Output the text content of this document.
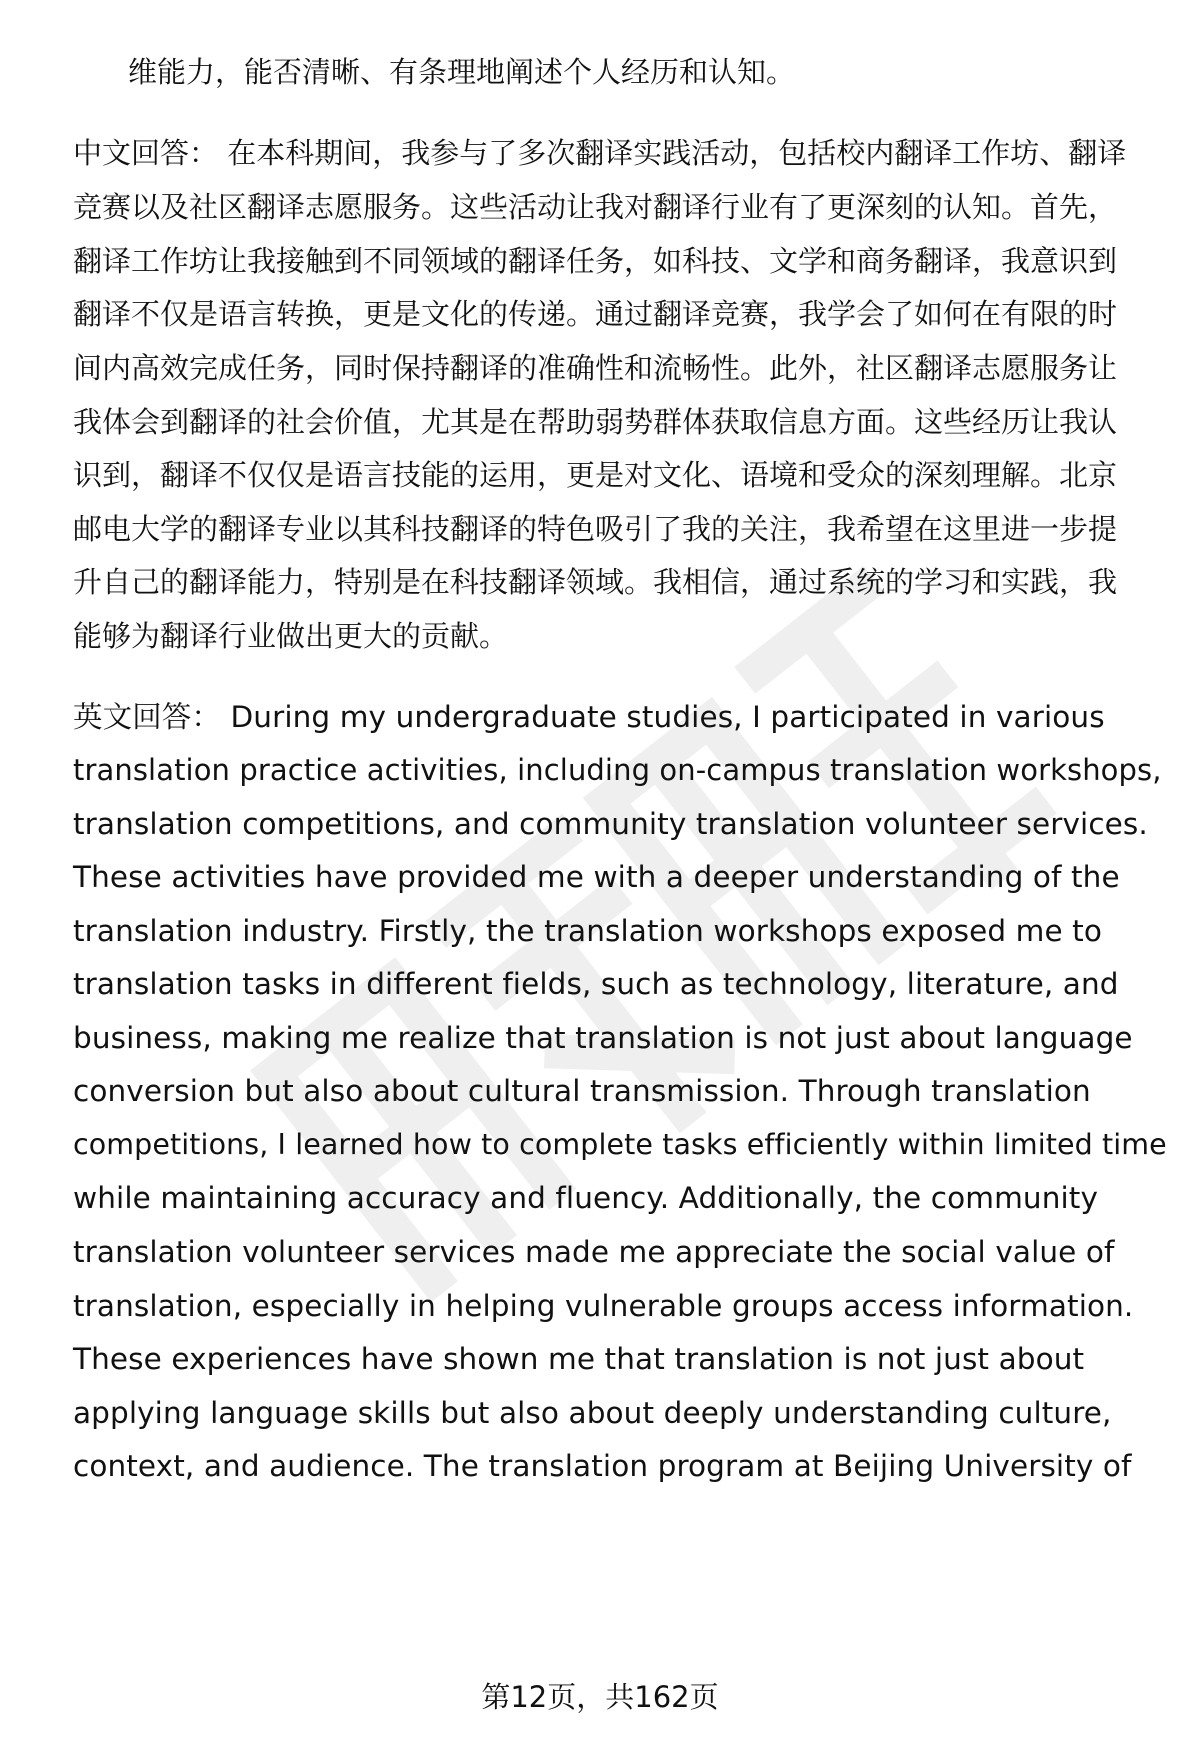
维能力，能否清晰、有条理地阐述个人经历和认知。
中文回答： 在本科期间，我参与了多次翻译实践活动，包括校内翻译工作坊、翻译
竞赛以及社区翻译志愿服务。这些活动让我对翻译行业有了更深刻的认知。首先，
翻译工作坊让我接触到不同领域的翻译任务，如科技、文学和商务翻译，我意识到
翻译不仅是语言转换，更是文化的传递。通过翻译竞赛，我学会了如何在有限的时
间内高效完成任务，同时保持翻译的准确性和流畅性。此外，社区翻译志愿服务让
我体会到翻译的社会价值，尤其是在帮助弱势群体获取信息方面。这些经历让我认
识到，翻译不仅仅是语言技能的运用，更是对文化、语境和受众的深刻理解。北京
邮电大学的翻译专业以其科技翻译的特色吸引了我的关注，我希望在这里进一步提
升自己的翻译能力，特别是在科技翻译领域。我相信，通过系统的学习和实践，我
能够为翻译行业做出更大的贡献。
英文回答： During my undergraduate studies, I participated in various
translation practice activities, including on-campus translation workshops,
translation competitions, and community translation volunteer services.
These activities have provided me with a deeper understanding of the
translation industry. Firstly, the translation workshops exposed me to
translation tasks in different fields, such as technology, literature, and
business, making me realize that translation is not just about language
conversion but also about cultural transmission. Through translation
competitions, I learned how to complete tasks efficiently within limited time
while maintaining accuracy and fluency. Additionally, the community
translation volunteer services made me appreciate the social value of
translation, especially in helping vulnerable groups access information.
These experiences have shown me that translation is not just about
applying language skills but also about deeply understanding culture,
context, and audience. The translation program at Beijing University of
第12页，共162页
